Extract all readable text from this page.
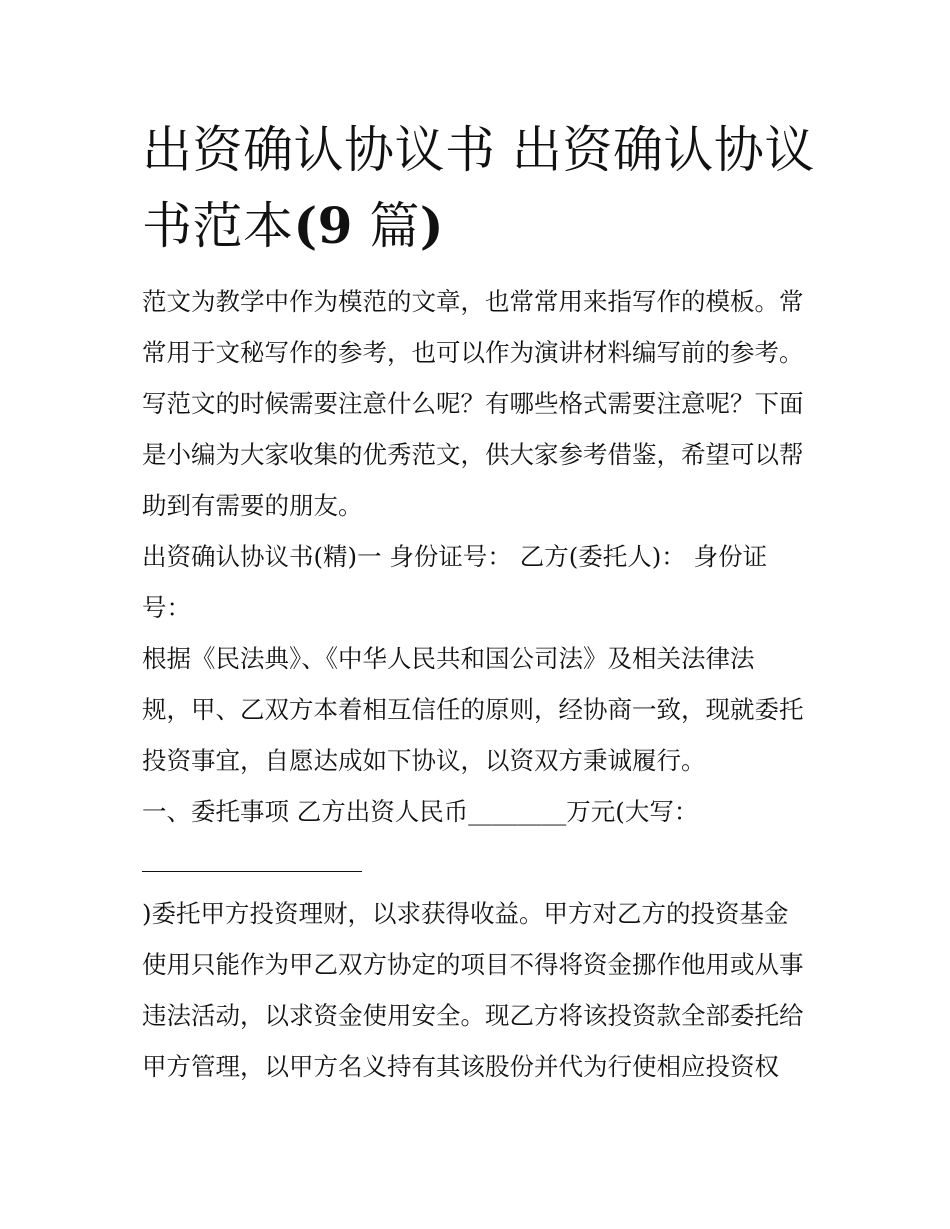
出资确认协议书 出资确认协议
书范本(9 篇)
范文为教学中作为模范的文章，也常常用来指写作的模板。常
常用于文秘写作的参考，也可以作为演讲材料编写前的参考。
写范文的时候需要注意什么呢？有哪些格式需要注意呢？下面
是小编为大家收集的优秀范文，供大家参考借鉴，希望可以帮
助到有需要的朋友。
出资确认协议书(精)一 身份证号： 乙方(委托人)： 身份证
号：
根据《民法典》、《中华人民共和国公司法》及相关法律法
规，甲、乙双方本着相互信任的原则，经协商一致，现就委托
投资事宜，自愿达成如下协议，以资双方秉诚履行。
一、委托事项 乙方出资人民币________万元(大写：
)委托甲方投资理财，以求获得收益。甲方对乙方的投资基金
使用只能作为甲乙双方协定的项目不得将资金挪作他用或从事
违法活动，以求资金使用安全。现乙方将该投资款全部委托给
甲方管理，以甲方名义持有其该股份并代为行使相应投资权
